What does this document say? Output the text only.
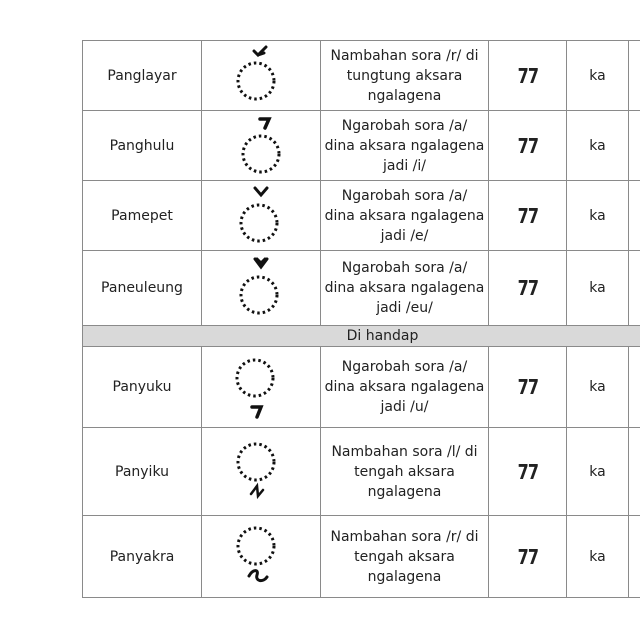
Panglayar		Nambahan sora /r/ di
tungtung aksara
ngalagena	77	ka	
Panghulu		Ngarobah sora /a/
dina aksara ngalagena
jadi /i/	77	ka	
Pamepet		Ngarobah sora /a/
dina aksara ngalagena
jadi /e/	77	ka	
Paneuleung		Ngarobah sora /a/
dina aksara ngalagena
jadi /eu/	77	ka	
Di handap					
Panyuku		Ngarobah sora /a/
dina aksara ngalagena
jadi /u/	77	ka	
Panyiku		Nambahan sora /l/ di
tengah aksara
ngalagena	77	ka	
Panyakra		Nambahan sora /r/ di
tengah aksara
ngalagena	77	ka	
